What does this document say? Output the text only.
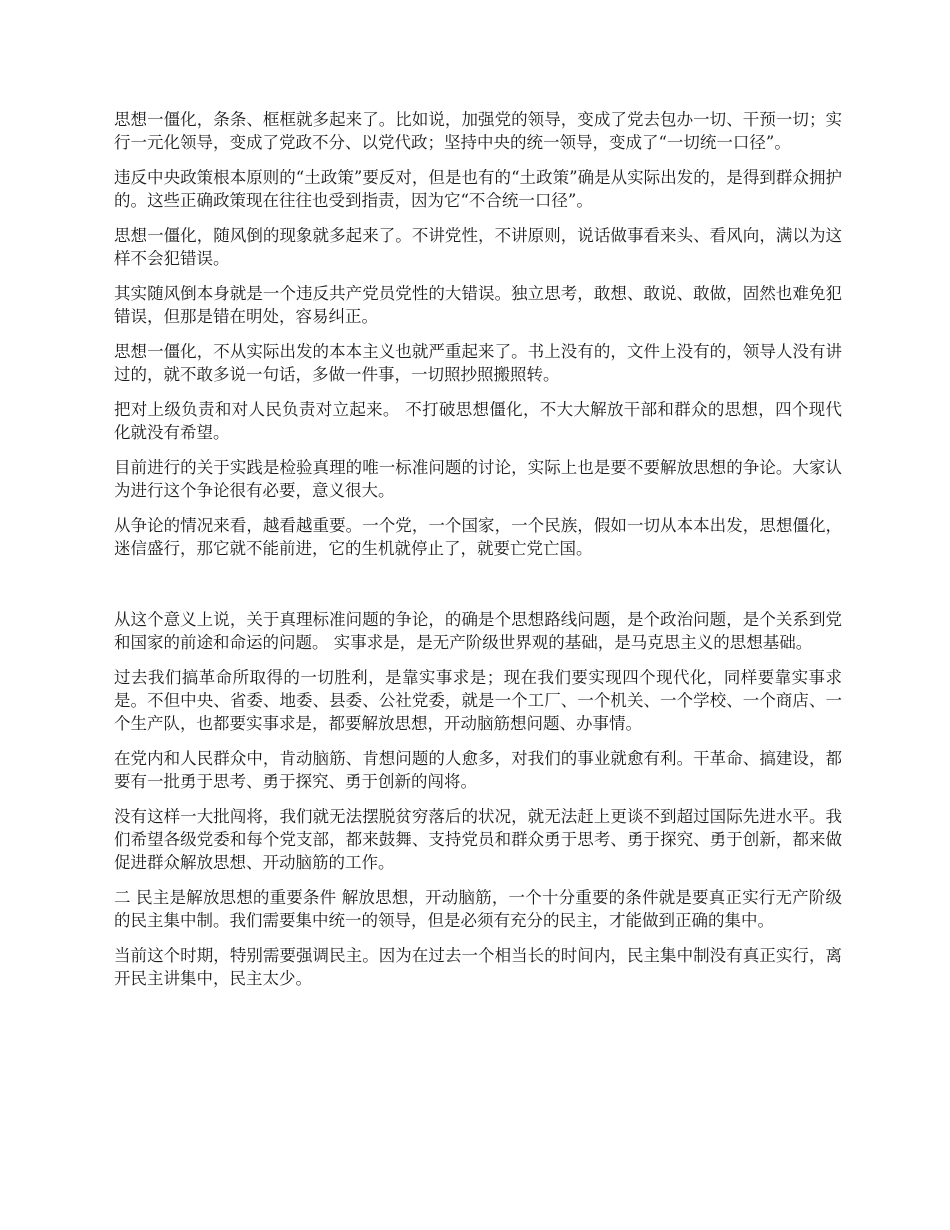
思想一僵化，条条、框框就多起来了。比如说，加强党的领导，变成了党去包办一切、干预一切；实行一元化领导，变成了党政不分、以党代政；坚持中央的统一领导，变成了“一切统一口径”。

违反中央政策根本原则的“土政策”要反对，但是也有的“土政策”确是从实际出发的，是得到群众拥护的。这些正确政策现在往往也受到指责，因为它“不合统一口径”。

思想一僵化，随风倒的现象就多起来了。不讲党性，不讲原则，说话做事看来头、看风向，满以为这样不会犯错误。

其实随风倒本身就是一个违反共产党员党性的大错误。独立思考，敢想、敢说、敢做，固然也难免犯错误，但那是错在明处，容易纠正。

思想一僵化，不从实际出发的本本主义也就严重起来了。书上没有的，文件上没有的，领导人没有讲过的，就不敢多说一句话，多做一件事，一切照抄照搬照转。

把对上级负责和对人民负责对立起来。 不打破思想僵化，不大大解放干部和群众的思想，四个现代化就没有希望。

目前进行的关于实践是检验真理的唯一标准问题的讨论，实际上也是要不要解放思想的争论。大家认为进行这个争论很有必要，意义很大。

从争论的情况来看，越看越重要。一个党，一个国家，一个民族，假如一切从本本出发，思想僵化，迷信盛行，那它就不能前进，它的生机就停止了，就要亡党亡国。

从这个意义上说，关于真理标准问题的争论，的确是个思想路线问题，是个政治问题，是个关系到党和国家的前途和命运的问题。 实事求是，是无产阶级世界观的基础，是马克思主义的思想基础。

过去我们搞革命所取得的一切胜利，是靠实事求是；现在我们要实现四个现代化，同样要靠实事求是。不但中央、省委、地委、县委、公社党委，就是一个工厂、一个机关、一个学校、一个商店、一个生产队，也都要实事求是，都要解放思想，开动脑筋想问题、办事情。

在党内和人民群众中，肯动脑筋、肯想问题的人愈多，对我们的事业就愈有利。干革命、搞建设，都要有一批勇于思考、勇于探究、勇于创新的闯将。

没有这样一大批闯将，我们就无法摆脱贫穷落后的状况，就无法赶上更谈不到超过国际先进水平。我们希望各级党委和每个党支部，都来鼓舞、支持党员和群众勇于思考、勇于探究、勇于创新，都来做促进群众解放思想、开动脑筋的工作。

二 民主是解放思想的重要条件 解放思想，开动脑筋，一个十分重要的条件就是要真正实行无产阶级的民主集中制。我们需要集中统一的领导，但是必须有充分的民主，才能做到正确的集中。

当前这个时期，特别需要强调民主。因为在过去一个相当长的时间内，民主集中制没有真正实行，离开民主讲集中，民主太少。
